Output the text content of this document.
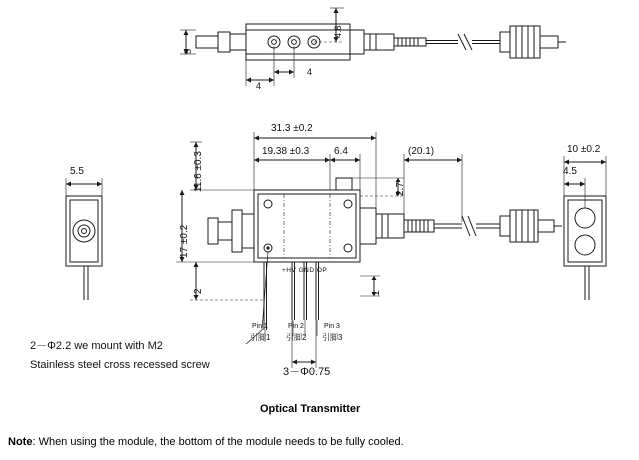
5
4.8
4
4
5.5
31.3 ±0.2
19.38 ±0.3 6.4	(20.1)
11.6 ±0.3
17 ±0.2
2
2.7
1
+HV GND OP
Pin 1
引脚1
Pin 2
引脚2
Pin 3
引脚3
2－Φ2.2 we mount with M2
Stainless steel cross recessed screw
3－Φ0.75
10 ±0.2
4.5
Optical Transmitter
Note: When using the module, the bottom of the module needs to be fully cooled.
